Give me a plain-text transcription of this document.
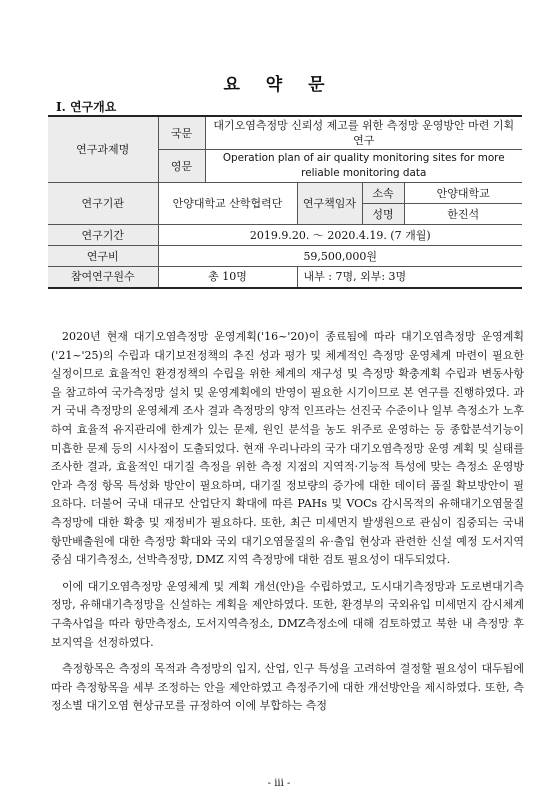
요 약 문
Ⅰ. 연구개요
연구과제명	국문	대기오염측정망 신뢰성 제고를 위한 측정망 운영방안 마련 기획 연구			
	영문	Operation plan of air quality monitoring sites for more reliable monitoring data			
연구기관	안양대학교 산학협력단		연구책임자	소속	안양대학교
				성명	한진석
연구기간	2019.9.20. ～ 2020.4.19. (7 개월)				
연구비	59,500,000원				
참여연구원수	총 10명		내부 : 7명, 외부: 3명		

2020년 현재 대기오염측정망 운영계획('16~'20)이 종료됨에 따라 대기오염측정망 운영계획('21~'25)의 수립과 대기보전정책의 추진 성과 평가 및 체계적인 측정망 운영체계 마련이 필요한 실정이므로 효율적인 환경정책의 수립을 위한 체계의 재구성 및 측정망 확충계획 수립과 변동사항을 참고하여 국가측정망 설치 및 운영계획에의 반영이 필요한 시기이므로 본 연구를 진행하였다. 과거 국내 측정망의 운영체계 조사 결과 측정망의 양적 인프라는 선진국 수준이나 일부 측정소가 노후하여 효율적 유지관리에 한계가 있는 문제, 원인 분석을 농도 위주로 운영하는 등 종합분석기능이 미흡한 문제 등의 시사점이 도출되었다. 현재 우리나라의 국가 대기오염측정망 운영 계획 및 실태를 조사한 결과, 효율적인 대기질 측정을 위한 측정 지점의 지역적·기능적 특성에 맞는 측정소 운영방안과 측정 항목 특성화 방안이 필요하며, 대기질 정보량의 증가에 대한 데이터 품질 확보방안이 필요하다. 더불어 국내 대규모 산업단지 확대에 따른 PAHs 및 VOCs 감시목적의 유해대기오염물질측정망에 대한 확충 및 재정비가 필요하다. 또한, 최근 미세먼지 발생원으로 관심이 집중되는 국내 항만배출원에 대한 측정망 확대와 국외 대기오염물질의 유·출입 현상과 관련한 신설 예정 도서지역 중심 대기측정소, 선박측정망, DMZ 지역 측정망에 대한 검토 필요성이 대두되었다.

이에 대기오염측정망 운영체계 및 계획 개선(안)을 수립하였고, 도시대기측정망과 도로변대기측정망, 유해대기측정망을 신설하는 계획을 제안하였다. 또한, 환경부의 국외유입 미세먼지 감시체계 구축사업을 따라 항만측정소, 도서지역측정소, DMZ측정소에 대해 검토하였고 북한 내 측정망 후보지역을 선정하였다.

측정항목은 측정의 목적과 측정망의 입지, 산업, 인구 특성을 고려하여 결정할 필요성이 대두됨에 따라 측정항목을 세부 조정하는 안을 제안하였고 측정주기에 대한 개선방안을 제시하였다. 또한, 측정소별 대기오염 현상규모를 규정하여 이에 부합하는 측정

- iii -
